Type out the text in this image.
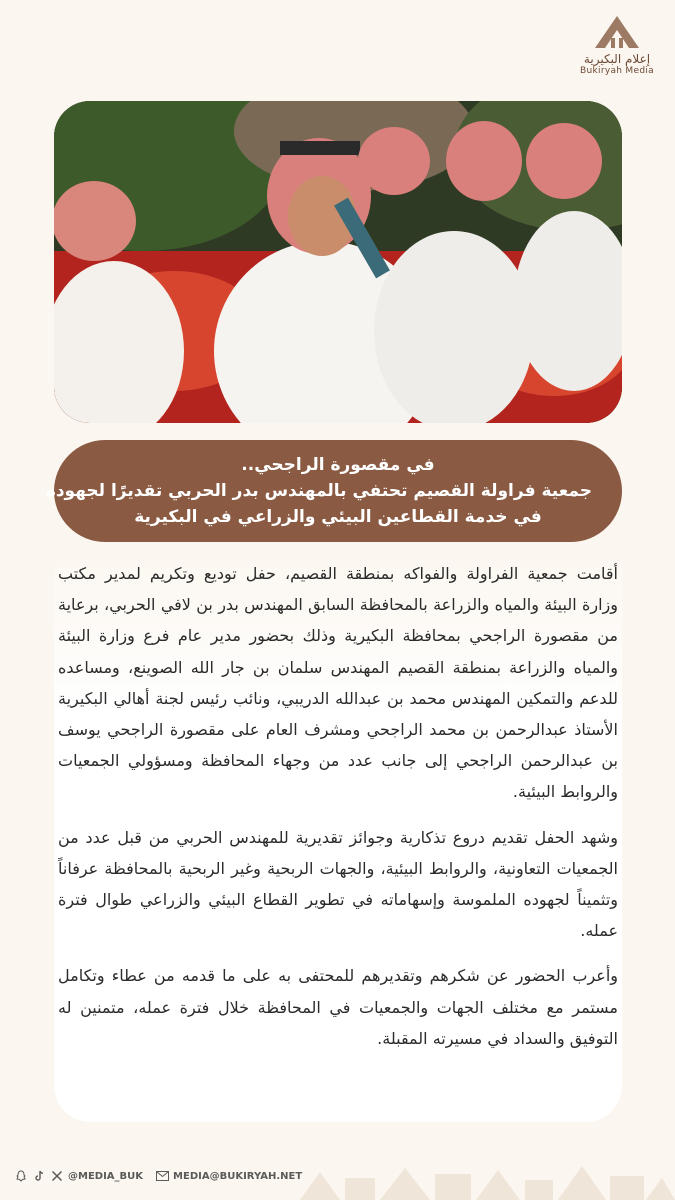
إعلام البكيرية
Bukiryah Media
في مقصورة الراجحي..
جمعية فراولة القصيم تحتفي بالمهندس بدر الحربي تقديرًا لجهوده
في خدمة القطاعين البيئي والزراعي في البكيرية

أقامت جمعية الفراولة والفواكه بمنطقة القصيم، حفل توديع وتكريم لمدير مكتب وزارة البيئة والمياه والزراعة بالمحافظة السابق المهندس بدر بن لافي الحربي، برعاية من مقصورة الراجحي بمحافظة البكيرية وذلك بحضور مدير عام فرع وزارة البيئة والمياه والزراعة بمنطقة القصيم المهندس سلمان بن جار الله الصوينع، ومساعده للدعم والتمكين المهندس محمد بن عبدالله الدريبي، ونائب رئيس لجنة أهالي البكيرية الأستاذ عبدالرحمن بن محمد الراجحي ومشرف العام على مقصورة الراجحي يوسف بن عبدالرحمن الراجحي إلى جانب عدد من وجهاء المحافظة ومسؤولي الجمعيات والروابط البيئية.

وشهد الحفل تقديم دروع تذكارية وجوائز تقديرية للمهندس الحربي من قبل عدد من الجمعيات التعاونية، والروابط البيئية، والجهات الربحية وغير الربحية بالمحافظة عرفاناً وتثميناً لجهوده الملموسة وإسهاماته في تطوير القطاع البيئي والزراعي طوال فترة عمله.

وأعرب الحضور عن شكرهم وتقديرهم للمحتفى به على ما قدمه من عطاء وتكامل مستمر مع مختلف الجهات والجمعيات في المحافظة خلال فترة عمله، متمنين له التوفيق والسداد في مسيرته المقبلة.

@MEDIA_BUK	MEDIA@BUKIRYAH.NET
